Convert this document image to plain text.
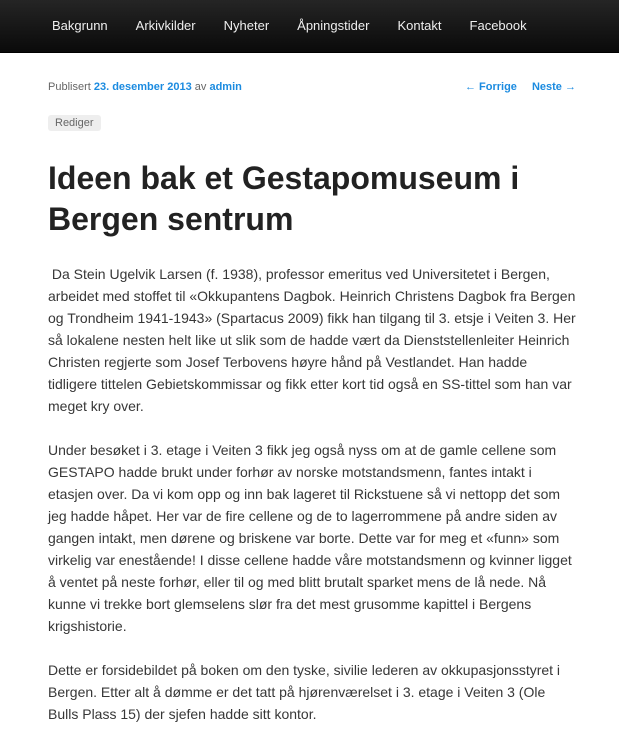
Bakgrunn	Arkivkilder	Nyheter	Åpningstider	Kontakt	Facebook
Publisert 23. desember 2013 av admin	← Forrige Neste →
Rediger
Ideen bak et Gestapomuseum i Bergen sentrum

Da Stein Ugelvik Larsen (f. 1938), professor emeritus ved Universitetet i Bergen, arbeidet med stoffet til «Okkupantens Dagbok. Heinrich Christens Dagbok fra Bergen og Trondheim 1941-1943» (Spartacus 2009) fikk han tilgang til 3. etsje i Veiten 3. Her så lokalene nesten helt like ut slik som de hadde vært da Dienststellenleiter Heinrich Christen regjerte som Josef Terbovens høyre hånd på Vestlandet. Han hadde tidligere tittelen Gebietskommissar og fikk etter kort tid også en SS-tittel som han var meget kry over.

Under besøket i 3. etage i Veiten 3 fikk jeg også nyss om at de gamle cellene som GESTAPO hadde brukt under forhør av norske motstandsmenn, fantes intakt i etasjen over. Da vi kom opp og inn bak lageret til Rickstuene så vi nettopp det som jeg hadde håpet. Her var de fire cellene og de to lagerrommene på andre siden av gangen intakt, men dørene og briskene var borte. Dette var for meg et «funn» som virkelig var enestående! I disse cellene hadde våre motstandsmenn og kvinner ligget å ventet på neste forhør, eller til og med blitt brutalt sparket mens de lå nede. Nå kunne vi trekke bort glemselens slør fra det mest grusomme kapittel i Bergens krigshistorie.

Dette er forsidebildet på boken om den tyske, sivilie lederen av okkupasjonsstyret i Bergen. Etter alt å dømme er det tatt på hjørenværelset i 3. etage i Veiten 3 (Ole Bulls Plass 15) der sjefen hadde sitt kontor.
